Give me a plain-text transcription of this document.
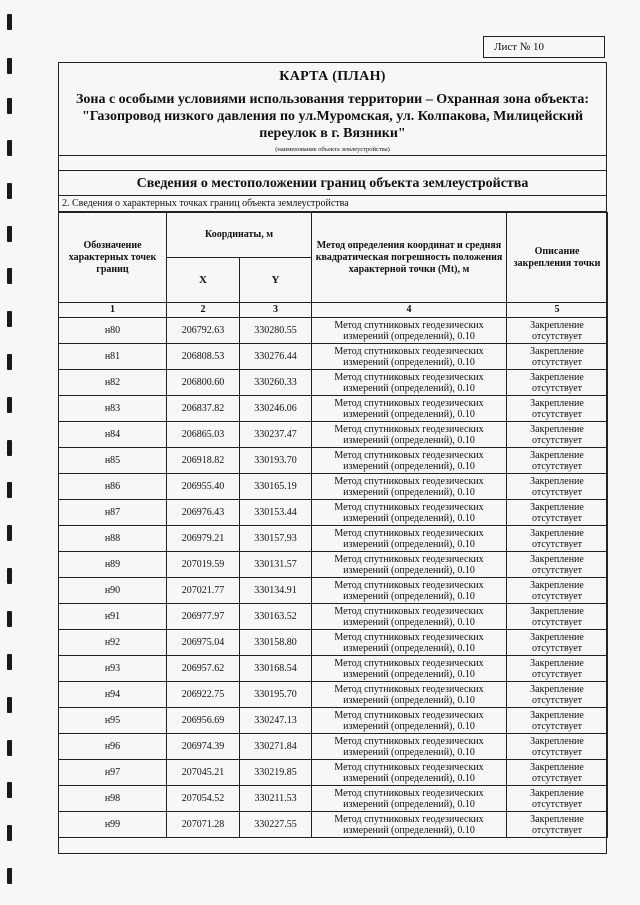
Лист № 10
КАРТА (ПЛАН)
Зона с особыми условиями использования территории – Охранная зона объекта: "Газопровод низкого давления по ул.Муромская, ул. Колпакова, Милицейский переулок в г. Вязники"
(наименование объекта землеустройства)
Сведения о местоположении границ объекта землеустройства
2. Сведения о характерных точках границ объекта землеустройства
Обозначение характерных точек границ	Координаты, м		Метод определения координат и средняя квадратическая погрешность положения характерной точки (Mt), м	Описание закрепления точки
	X	Y		
1	2	3	4	5
н80	206792.63	330280.55	Метод спутниковых геодезических измерений (определений), 0.10	Закрепление отсутствует
н81	206808.53	330276.44	Метод спутниковых геодезических измерений (определений), 0.10	Закрепление отсутствует
н82	206800.60	330260.33	Метод спутниковых геодезических измерений (определений), 0.10	Закрепление отсутствует
н83	206837.82	330246.06	Метод спутниковых геодезических измерений (определений), 0.10	Закрепление отсутствует
н84	206865.03	330237.47	Метод спутниковых геодезических измерений (определений), 0.10	Закрепление отсутствует
н85	206918.82	330193.70	Метод спутниковых геодезических измерений (определений), 0.10	Закрепление отсутствует
н86	206955.40	330165.19	Метод спутниковых геодезических измерений (определений), 0.10	Закрепление отсутствует
н87	206976.43	330153.44	Метод спутниковых геодезических измерений (определений), 0.10	Закрепление отсутствует
н88	206979.21	330157.93	Метод спутниковых геодезических измерений (определений), 0.10	Закрепление отсутствует
н89	207019.59	330131.57	Метод спутниковых геодезических измерений (определений), 0.10	Закрепление отсутствует
н90	207021.77	330134.91	Метод спутниковых геодезических измерений (определений), 0.10	Закрепление отсутствует
н91	206977.97	330163.52	Метод спутниковых геодезических измерений (определений), 0.10	Закрепление отсутствует
н92	206975.04	330158.80	Метод спутниковых геодезических измерений (определений), 0.10	Закрепление отсутствует
н93	206957.62	330168.54	Метод спутниковых геодезических измерений (определений), 0.10	Закрепление отсутствует
н94	206922.75	330195.70	Метод спутниковых геодезических измерений (определений), 0.10	Закрепление отсутствует
н95	206956.69	330247.13	Метод спутниковых геодезических измерений (определений), 0.10	Закрепление отсутствует
н96	206974.39	330271.84	Метод спутниковых геодезических измерений (определений), 0.10	Закрепление отсутствует
н97	207045.21	330219.85	Метод спутниковых геодезических измерений (определений), 0.10	Закрепление отсутствует
н98	207054.52	330211.53	Метод спутниковых геодезических измерений (определений), 0.10	Закрепление отсутствует
н99	207071.28	330227.55	Метод спутниковых геодезических измерений (определений), 0.10	Закрепление отсутствует
